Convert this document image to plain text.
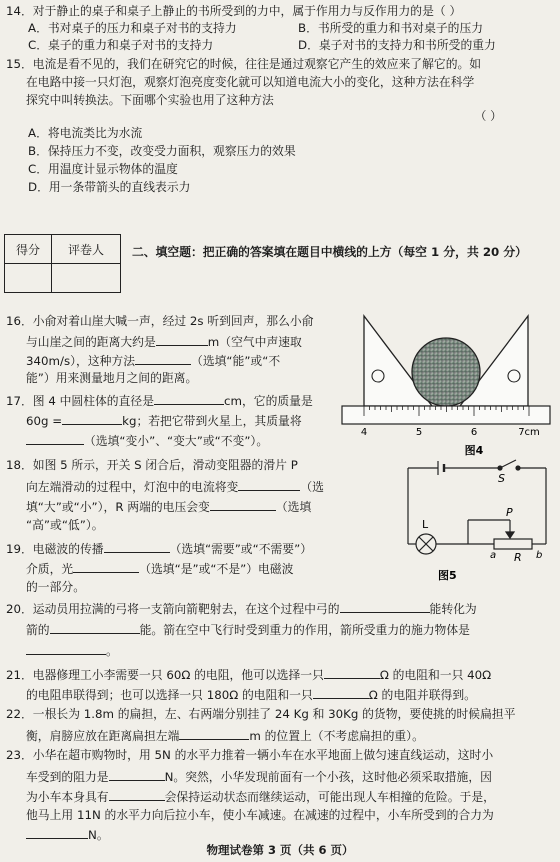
14．对于静止的桌子和桌子上静止的书所受到的力中，属于作用力与反作用力的是（ ）
A．书对桌子的压力和桌子对书的支持力	B．书所受的重力和书对桌子的压力
C．桌子的重力和桌子对书的支持力	D．桌子对书的支持力和书所受的重力
15．电流是看不见的，我们在研究它的时候，往往是通过观察它产生的效应来了解它的。如
在电路中接一只灯泡，观察灯泡亮度变化就可以知道电流大小的变化，这种方法在科学
探究中叫转换法。下面哪个实验也用了这种方法
（ ）
A．将电流类比为水流
B．保持压力不变，改变受力面积，观察压力的效果
C．用温度计显示物体的温度
D．用一条带箭头的直线表示力
得分	评卷人
	二、填空题：把正确的答案填在题目中横线的上方（每空 1 分，共 20 分）
16．小俞对着山崖大喊一声，经过 2s 听到回声，那么小俞
与山崖之间的距离大约是	m（空气中声速取
340m/s），这种方法	（选填“能”或“不
能”）用来测量地月之间的距离。
17．图 4 中圆柱体的直径是	cm，它的质量是
60g =	kg；若把它带到火星上，其质量将
（选填“变小”、“变大”或“不变”）。
4	5	6	7cm
图4
18．如图 5 所示，开关 S 闭合后，滑动变阻器的滑片 P
向左端滑动的过程中，灯泡中的电流将变	（选
填“大”或“小”），R 两端的电压会变	（选填
“高”或“低”）。
19．电磁波的传播	（选填“需要”或“不需要”）
介质，光	（选填“是”或“不是”）电磁波
的一部分。
S
L
P
R
a	b
图5
20．运动员用拉满的弓将一支箭向箭靶射去，在这个过程中弓的	能转化为
箭的	能。箭在空中飞行时受到重力的作用，箭所受重力的施力物体是
。
21．电器修理工小李需要一只 60Ω 的电阻，他可以选择一只	Ω 的电阻和一只 40Ω
的电阻串联得到；也可以选择一只 180Ω 的电阻和一只	Ω 的电阻并联得到。
22．一根长为 1.8m 的扁担，左、右两端分别挂了 24 Kg 和 30Kg 的货物，要使挑的时候扁担平
衡，肩膀应放在距离扁担左端	m 的位置上（不考虑扁担的重）。
23．小华在超市购物时，用 5N 的水平力推着一辆小车在水平地面上做匀速直线运动，这时小
车受到的阻力是	N。突然，小华发现前面有一个小孩，这时他必须采取措施，因
为小车本身具有	会保持运动状态而继续运动，可能出现人车相撞的危险。于是，
他马上用 11N 的水平力向后拉小车，使小车减速。在减速的过程中，小车所受到的合力为
N。
物理试卷第 3 页（共 6 页）
